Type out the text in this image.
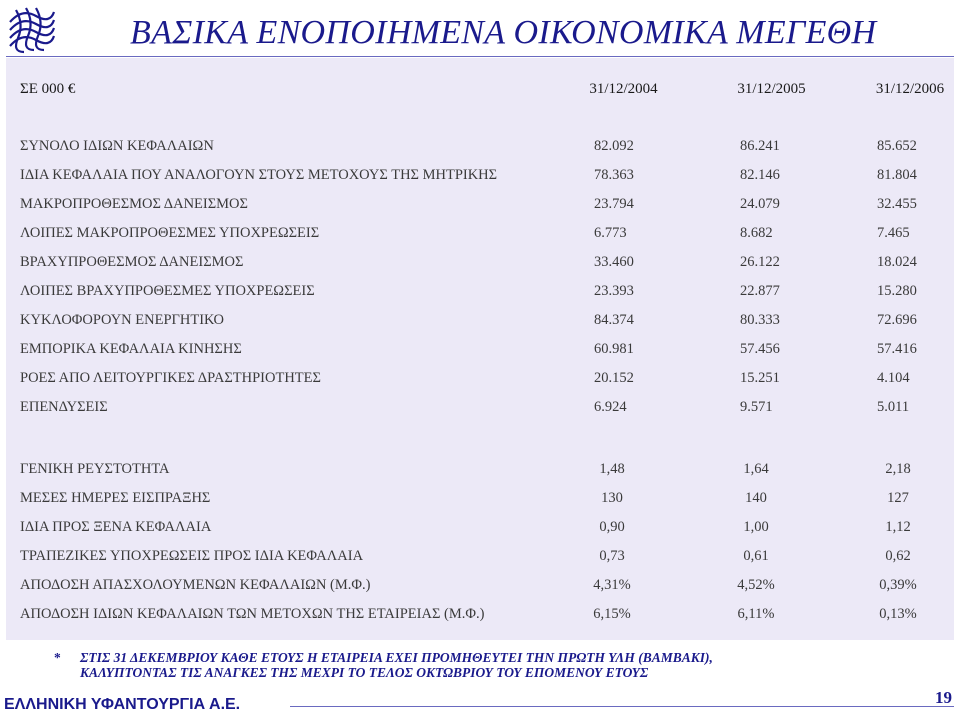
ΒΑΣΙΚΑ ΕΝΟΠΟΙΗΜΕΝΑ ΟΙΚΟΝΟΜΙΚΑ ΜΕΓΕΘΗ
ΣΕ 000 €	31/12/2004	31/12/2005	31/12/2006
ΣΥΝΟΛΟ ΙΔΙΩΝ ΚΕΦΑΛΑΙΩΝ	82.092	86.241	85.652
ΙΔΙΑ ΚΕΦΑΛΑΙΑ ΠΟΥ ΑΝΑΛΟΓΟΥΝ ΣΤΟΥΣ ΜΕΤΟΧΟΥΣ ΤΗΣ ΜΗΤΡΙΚΗΣ	78.363	82.146	81.804
ΜΑΚΡΟΠΡΟΘΕΣΜΟΣ ΔΑΝΕΙΣΜΟΣ	23.794	24.079	32.455
ΛΟΙΠΕΣ ΜΑΚΡΟΠΡΟΘΕΣΜΕΣ ΥΠΟΧΡΕΩΣΕΙΣ	6.773	8.682	7.465
ΒΡΑΧΥΠΡΟΘΕΣΜΟΣ ΔΑΝΕΙΣΜΟΣ	33.460	26.122	18.024
ΛΟΙΠΕΣ ΒΡΑΧΥΠΡΟΘΕΣΜΕΣ ΥΠΟΧΡΕΩΣΕΙΣ	23.393	22.877	15.280
ΚΥΚΛΟΦΟΡΟΥΝ ΕΝΕΡΓΗΤΙΚΟ	84.374	80.333	72.696
ΕΜΠΟΡΙΚΑ ΚΕΦΑΛΑΙΑ ΚΙΝΗΣΗΣ	60.981	57.456	57.416
ΡΟΕΣ ΑΠΟ ΛΕΙΤΟΥΡΓΙΚΕΣ ΔΡΑΣΤΗΡΙΟΤΗΤΕΣ	20.152	15.251	4.104
ΕΠΕΝΔΥΣΕΙΣ	6.924	9.571	5.011
ΓΕΝΙΚΗ ΡΕΥΣΤΟΤΗΤΑ	1,48	1,64	2,18
ΜΕΣΕΣ ΗΜΕΡΕΣ ΕΙΣΠΡΑΞΗΣ	130	140	127
ΙΔΙΑ ΠΡΟΣ ΞΕΝΑ ΚΕΦΑΛΑΙΑ	0,90	1,00	1,12
ΤΡΑΠΕΖΙΚΕΣ ΥΠΟΧΡΕΩΣΕΙΣ ΠΡΟΣ ΙΔΙΑ ΚΕΦΑΛΑΙΑ	0,73	0,61	0,62
ΑΠΟΔΟΣΗ ΑΠΑΣΧΟΛΟΥΜΕΝΩΝ ΚΕΦΑΛΑΙΩΝ (Μ.Φ.)	4,31%	4,52%	0,39%
ΑΠΟΔΟΣΗ ΙΔΙΩΝ ΚΕΦΑΛΑΙΩΝ ΤΩΝ ΜΕΤΟΧΩΝ ΤΗΣ ΕΤΑΙΡΕΙΑΣ (Μ.Φ.)	6,15%	6,11%	0,13%
* ΣΤΙΣ 31 ΔΕΚΕΜΒΡΙΟΥ ΚΑΘΕ ΕΤΟΥΣ Η ΕΤΑΙΡΕΙΑ ΕΧΕΙ ΠΡΟΜΗΘΕΥΤΕΙ ΤΗΝ ΠΡΩΤΗ ΥΛΗ (ΒΑΜΒΑΚΙ),
ΚΑΛΥΠΤΟΝΤΑΣ ΤΙΣ ΑΝΑΓΚΕΣ ΤΗΣ ΜΕΧΡΙ ΤΟ ΤΕΛΟΣ ΟΚΤΩΒΡΙΟΥ ΤΟΥ ΕΠΟΜΕΝΟΥ ΕΤΟΥΣ
ΕΛΛΗΝΙΚΗ ΥΦΑΝΤΟΥΡΓΙΑ Α.Ε.	19
